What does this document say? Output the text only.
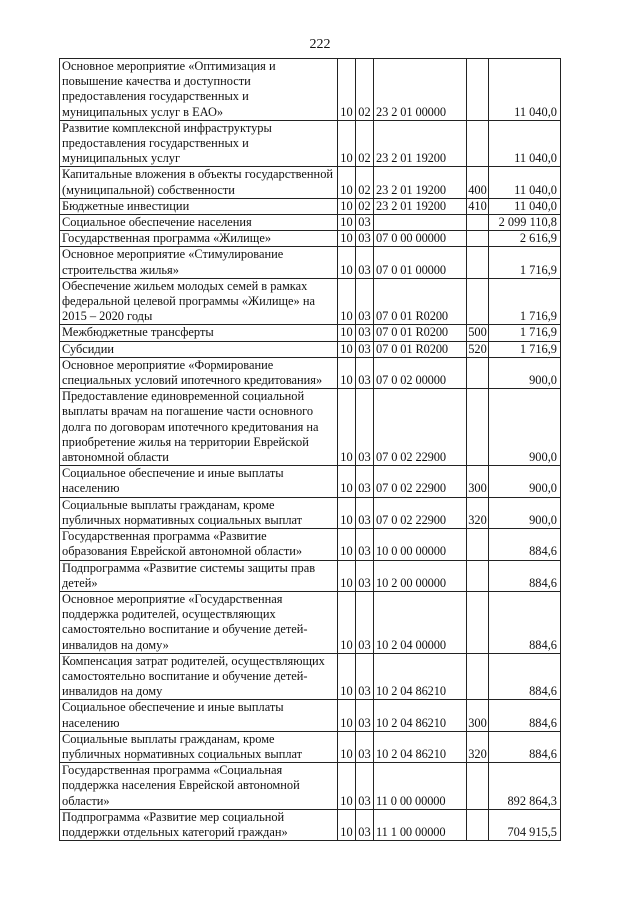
222
Основное мероприятие «Оптимизация и повышение качества и доступности предоставления государственных и муниципальных услуг в ЕАО»	10	02	23 2 01 00000		11 040,0
Развитие комплексной инфраструктуры предоставления государственных и муниципальных услуг	10	02	23 2 01 19200		11 040,0
Капитальные вложения в объекты государственной (муниципальной) собственности	10	02	23 2 01 19200	400	11 040,0
Бюджетные инвестиции	10	02	23 2 01 19200	410	11 040,0
Социальное обеспечение населения	10	03			2 099 110,8
Государственная программа «Жилище»	10	03	07 0 00 00000		2 616,9
Основное мероприятие «Стимулирование строительства жилья»	10	03	07 0 01 00000		1 716,9
Обеспечение жильем молодых семей в рамках федеральной целевой программы «Жилище» на 2015 – 2020 годы	10	03	07 0 01 R0200		1 716,9
Межбюджетные трансферты	10	03	07 0 01 R0200	500	1 716,9
Субсидии	10	03	07 0 01 R0200	520	1 716,9
Основное мероприятие «Формирование специальных условий ипотечного кредитования»	10	03	07 0 02 00000		900,0
Предоставление единовременной социальной выплаты врачам на погашение части основного долга по договорам ипотечного кредитования на приобретение жилья на территории Еврейской автономной области	10	03	07 0 02 22900		900,0
Социальное обеспечение и иные выплаты населению	10	03	07 0 02 22900	300	900,0
Социальные выплаты гражданам, кроме публичных нормативных социальных выплат	10	03	07 0 02 22900	320	900,0
Государственная программа «Развитие образования Еврейской автономной области»	10	03	10 0 00 00000		884,6
Подпрограмма «Развитие системы защиты прав детей»	10	03	10 2 00 00000		884,6
Основное мероприятие «Государственная поддержка родителей, осуществляющих самостоятельно воспитание и обучение детей-инвалидов на дому»	10	03	10 2 04 00000		884,6
Компенсация затрат родителей, осуществляющих самостоятельно воспитание и обучение детей-инвалидов на дому	10	03	10 2 04 86210		884,6
Социальное обеспечение и иные выплаты населению	10	03	10 2 04 86210	300	884,6
Социальные выплаты гражданам, кроме публичных нормативных социальных выплат	10	03	10 2 04 86210	320	884,6
Государственная программа «Социальная поддержка населения Еврейской автономной области»	10	03	11 0 00 00000		892 864,3
Подпрограмма «Развитие мер социальной поддержки отдельных категорий граждан»	10	03	11 1 00 00000		704 915,5
